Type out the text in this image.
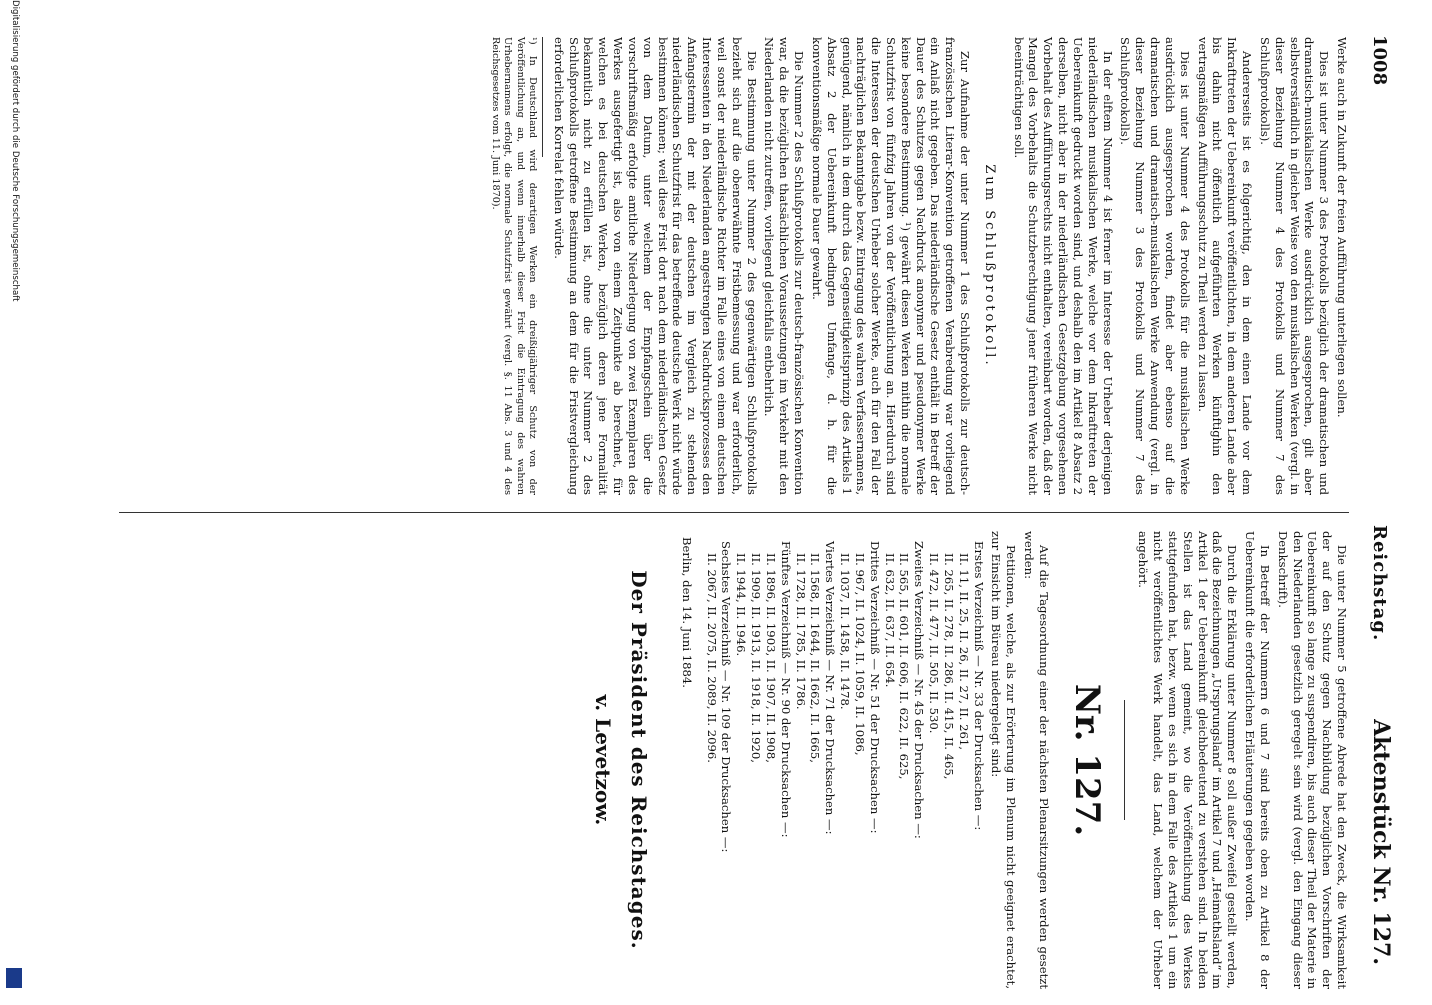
Digitalisierung gefördert durch die Deutsche Forschungsgemeinschaft	1008
Reichstag.
Aktenstück Nr. 127.

Werke auch in Zukunft der freien Aufführung unterliegen sollen.

Dies ist unter Nummer 3 des Protokolls bezüglich der dramatischen und dramatisch-musikalischen Werke ausdrücklich ausgesprochen, gilt aber selbstverständlich in gleicher Weise von den musikalischen Werken (vergl. in dieser Beziehung Nummer 4 des Protokolls und Nummer 7 des Schlußprotokolls).

Andererseits ist es folgerichtig, den in dem einen Lande vor dem Inkrafttreten der Uebereinkunft veröffentlichten, in dem anderen Lande aber bis dahin nicht öffentlich aufgeführten Werken künftighin den vertragsmäßigen Aufführungsschutz zu Theil werden zu lassen.

Dies ist unter Nummer 4 des Protokolls für die musikalischen Werke ausdrücklich ausgesprochen worden, findet aber ebenso auf die dramatischen und dramatisch-musikalischen Werke Anwendung (vergl. in dieser Beziehung Nummer 3 des Protokolls und Nummer 7 des Schlußprotokolls).

In der elftem Nummer 4 ist ferner im Interesse der Urheber derjenigen niederländischen musikalischen Werke, welche vor dem Inkrafttreten der Uebereinkunft gedruckt worden sind, und deshalb den im Artikel 8 Absatz 2 derselben, nicht aber in der niederländischen Gesetzgebung vorgesehenen Vorbehalt des Aufführungsrechts nicht enthalten, vereinbart worden, daß der Mangel des Vorbehalts die Schutzberechtigung jener früheren Werke nicht beeinträchtigen soll.

Zum Schlußprotokoll.

Zur Aufnahme der unter Nummer 1 des Schlußprotokolls zur deutsch-französischen Literar-Konvention getroffenen Verabredung war vorliegend ein Anlaß nicht gegeben. Das niederländische Gesetz enthält in Betreff der Dauer des Schutzes gegen Nachdruck anonymer und pseudonymer Werke keine besondere Bestimmung. ¹) gewährt diesen Werken mithin die normale Schutzfrist von fünfzig Jahren von der Veröffentlichung an. Hierdurch sind die Interessen der deutschen Urheber solcher Werke, auch für den Fall der nachträglichen Bekanntgabe bezw. Eintragung des wahren Verfassernamens, genügend, nämlich in dem durch das Gegenseitigkeitsprinzip des Artikels 1 Absatz 2 der Uebereinkunft bedingten Umfange, d. h. für die konventionsmäßige normale Dauer gewahrt.

Die Nummer 2 des Schlußprotokolls zur deutsch-französischen Konvention war, da die bezüglichen thatsächlichen Voraussetzungen im Verkehr mit den Niederlanden nicht zutreffen, vorliegend gleichfalls entbehrlich.

Die Bestimmung unter Nummer 2 des gegenwärtigen Schlußprotokolls bezieht sich auf die obenerwähnte Fristbemessung und war erforderlich, weil sonst der niederländische Richter im Falle eines von einem deutschen Interessenten in den Niederlanden angestrengten Nachdrucksprozesses den Anfangstermin der mit der deutschen im Vergleich zu stehenden niederländischen Schutzfrist für das betreffende deutsche Werk nicht würde bestimmen können; weil diese Frist dort nach dem niederländischen Gesetz von dem Datum, unter welchem der Empfangschein über die vorschriftsmäßig erfolgte amtliche Niederlegung von zwei Exemplaren des Werkes ausgefertigt ist, also von einem Zeitpunkte ab berechnet, für welchen es bei deutschen Werken, bezüglich deren jene Formalität bekanntlich nicht zu erfüllen ist, ohne die unter Nummer 2 des Schlußprotokolls getroffene Bestimmung an dem für die Fristvergleichung erforderlichen Korrelat fehlen würde.

¹) In Deutschland wird derartigen Werken ein dreißigjähriger Schutz von der Veröffentlichung an, und wenn innerhalb dieser Frist die Eintragung des wahren Urhebernamens erfolgt, die normale Schutzfrist gewährt (vergl. §. 11 Abs. 3 und 4 des Reichsgesetzes vom 11. Juni 1870).

Die unter Nummer 5 getroffene Abrede hat den Zweck, die Wirksamkeit der auf den Schutz gegen Nachbildung bezüglichen Vorschriften der Uebereinkunft so lange zu suspendiren, bis auch dieser Theil der Materie in den Niederlanden gesetzlich geregelt sein wird (vergl. den Eingang dieser Denkschrift).

In Betreff der Nummern 6 und 7 sind bereits oben zu Artikel 8 der Uebereinkunft die erforderlichen Erläuterungen gegeben worden.

Durch die Erklärung unter Nummer 8 soll außer Zweifel gestellt werden, daß die Bezeichnungen „Ursprungsland“ im Artikel 7 und „Heimathsland“ im Artikel 1 der Uebereinkunft gleichbedeutend zu verstehen sind. In beiden Stellen ist das Land gemeint, wo die Veröffentlichung des Werkes stattgefunden hat, bezw. wenn es sich in dem Falle des Artikels 1 um ein nicht veröffentlichtes Werk handelt, das Land, welchem der Urheber angehört.

Nr. 127.

Auf die Tagesordnung einer der nächsten Plenarsitzungen werden gesetzt werden:

Petitionen, welche, als zur Erörterung im Plenum nicht geeignet erachtet, zur Einsicht im Büreau niedergelegt sind:

Erstes Verzeichniß — Nr. 33 der Drucksachen —:
II. 11, II. 25, II. 26, II. 27, II. 261,
II. 265, II. 278, II. 286, II. 415, II. 465,
II. 472, II. 477, II. 505, II. 530.
Zweites Verzeichniß — Nr. 45 der Drucksachen —:
II. 565, II. 601, II. 606, II. 622, II. 625,
II. 632, II. 637, II. 654.
Drittes Verzeichniß — Nr. 51 der Drucksachen —:
II. 967, II. 1024, II. 1059, II. 1086,
II. 1037, II. 1458, II. 1478.
Viertes Verzeichniß — Nr. 71 der Drucksachen —:
II. 1568, II. 1644, II. 1662, II. 1665,
II. 1728, II. 1785, II. 1786.
Fünftes Verzeichniß — Nr. 90 der Drucksachen —:
II. 1896, II. 1903, II. 1907, II. 1908,
II. 1909, II. 1913, II. 1918, II. 1920,
II. 1944, II. 1946.
Sechstes Verzeichniß — Nr. 109 der Drucksachen —:
II. 2067, II. 2075, II. 2089, II. 2096.
Berlin, den 14. Juni 1884.
Der Präsident des Reichstages.
v. Levetzow.
